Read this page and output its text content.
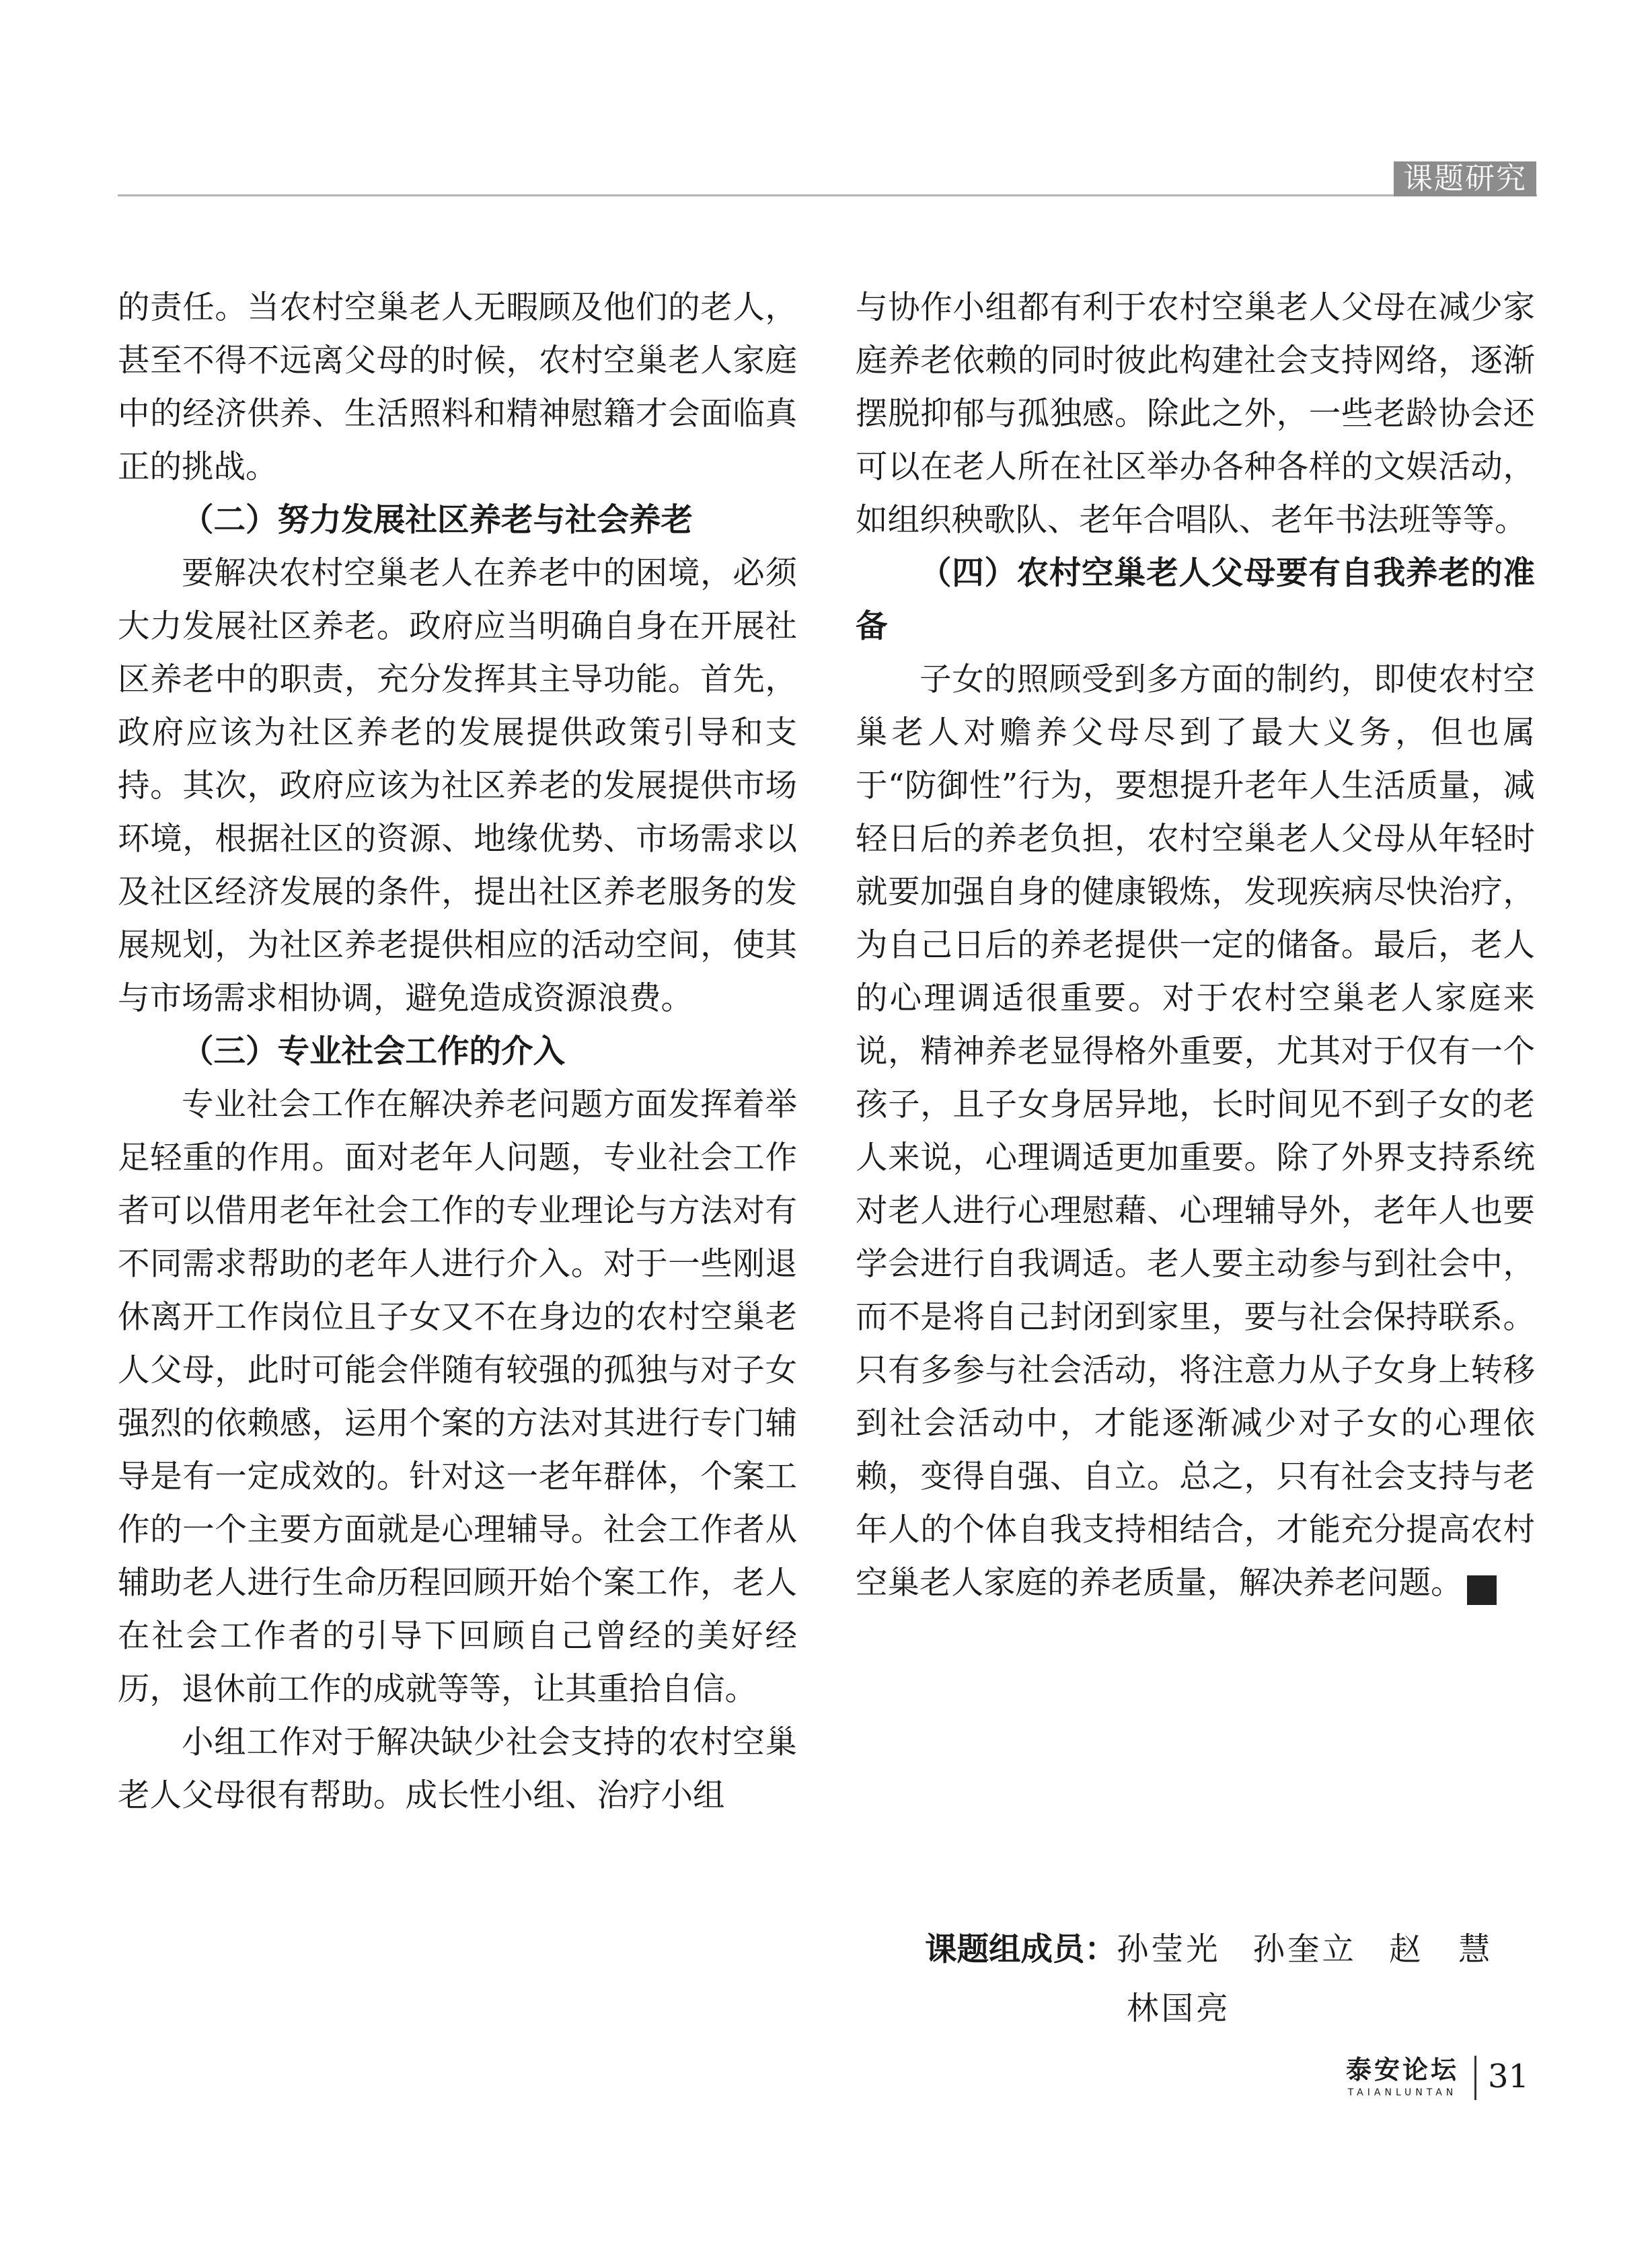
课题研究

的责任。当农村空巢老人无暇顾及他们的老人，甚至不得不远离父母的时候，农村空巢老人家庭中的经济供养、生活照料和精神慰籍才会面临真正的挑战。

（二）努力发展社区养老与社会养老

要解决农村空巢老人在养老中的困境，必须大力发展社区养老。政府应当明确自身在开展社区养老中的职责，充分发挥其主导功能。首先，政府应该为社区养老的发展提供政策引导和支持。其次，政府应该为社区养老的发展提供市场环境，根据社区的资源、地缘优势、市场需求以及社区经济发展的条件，提出社区养老服务的发展规划，为社区养老提供相应的活动空间，使其与市场需求相协调，避免造成资源浪费。

（三）专业社会工作的介入

专业社会工作在解决养老问题方面发挥着举足轻重的作用。面对老年人问题，专业社会工作者可以借用老年社会工作的专业理论与方法对有不同需求帮助的老年人进行介入。对于一些刚退休离开工作岗位且子女又不在身边的农村空巢老人父母，此时可能会伴随有较强的孤独与对子女强烈的依赖感，运用个案的方法对其进行专门辅导是有一定成效的。针对这一老年群体，个案工作的一个主要方面就是心理辅导。社会工作者从辅助老人进行生命历程回顾开始个案工作，老人在社会工作者的引导下回顾自己曾经的美好经历，退休前工作的成就等等，让其重拾自信。

小组工作对于解决缺少社会支持的农村空巢老人父母很有帮助。成长性小组、治疗小组

与协作小组都有利于农村空巢老人父母在减少家庭养老依赖的同时彼此构建社会支持网络，逐渐摆脱抑郁与孤独感。除此之外，一些老龄协会还可以在老人所在社区举办各种各样的文娱活动，如组织秧歌队、老年合唱队、老年书法班等等。

（四）农村空巢老人父母要有自我养老的准备

子女的照顾受到多方面的制约，即使农村空巢老人对赡养父母尽到了最大义务，但也属于“防御性”行为，要想提升老年人生活质量，减轻日后的养老负担，农村空巢老人父母从年轻时就要加强自身的健康锻炼，发现疾病尽快治疗，为自己日后的养老提供一定的储备。最后，老人的心理调适很重要。对于农村空巢老人家庭来说，精神养老显得格外重要，尤其对于仅有一个孩子，且子女身居异地，长时间见不到子女的老人来说，心理调适更加重要。除了外界支持系统对老人进行心理慰藉、心理辅导外，老年人也要学会进行自我调适。老人要主动参与到社会中，而不是将自己封闭到家里，要与社会保持联系。只有多参与社会活动，将注意力从子女身上转移到社会活动中，才能逐渐减少对子女的心理依赖，变得自强、自立。总之，只有社会支持与老年人的个体自我支持相结合，才能充分提高农村空巢老人家庭的养老质量，解决养老问题。	成

课题组成员：孙莹光 孙奎立 赵　慧
林国亮
泰安论坛
TAIANLUNTAN 31
